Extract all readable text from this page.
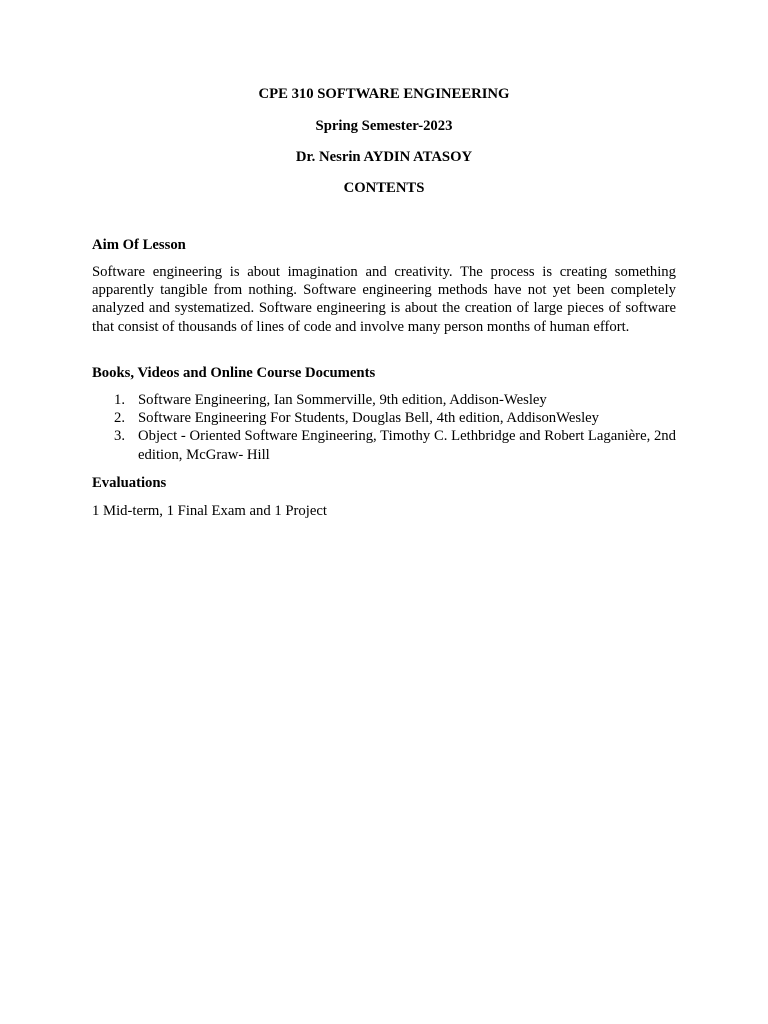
CPE 310 SOFTWARE ENGINEERING
Spring Semester-2023
Dr. Nesrin AYDIN ATASOY
CONTENTS
Aim Of Lesson

Software engineering is about imagination and creativity. The process is creating something apparently tangible from nothing. Software engineering methods have not yet been completely analyzed and systematized. Software engineering is about the creation of large pieces of software that consist of thousands of lines of code and involve many person months of human effort.

Books, Videos and Online Course Documents
1. Software Engineering, Ian Sommerville, 9th edition, Addison-Wesley
2. Software Engineering For Students, Douglas Bell, 4th edition, AddisonWesley
3. Object - Oriented Software Engineering, Timothy C. Lethbridge and Robert Laganière, 2nd edition, McGraw- Hill
Evaluations
1 Mid-term, 1 Final Exam and 1 Project
